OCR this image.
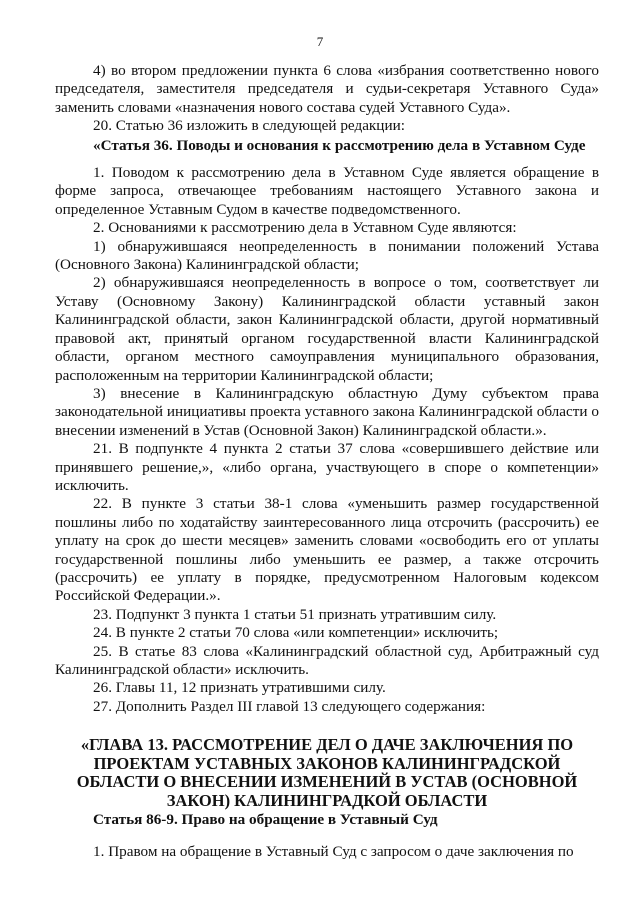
7

4) во втором предложении пункта 6 слова «избрания соответственно нового председателя, заместителя председателя и судьи-секретаря Уставного Суда» заменить словами «назначения нового состава судей Уставного Суда».

20. Статью 36 изложить в следующей редакции:

«Статья 36. Поводы и основания к рассмотрению дела в Уставном Суде

1. Поводом к рассмотрению дела в Уставном Суде является обращение в форме запроса, отвечающее требованиям настоящего Уставного закона и определенное Уставным Судом в качестве подведомственного.

2. Основаниями к рассмотрению дела в Уставном Суде являются:

1) обнаружившаяся неопределенность в понимании положений Устава (Основного Закона) Калининградской области;

2) обнаружившаяся неопределенность в вопросе о том, соответствует ли Уставу (Основному Закону) Калининградской области уставный закон Калининградской области, закон Калининградской области, другой нормативный правовой акт, принятый органом государственной власти Калининградской области, органом местного самоуправления муниципального образования, расположенным на территории Калининградской области;

3) внесение в Калининградскую областную Думу субъектом права законодательной инициативы проекта уставного закона Калининградской области о внесении изменений в Устав (Основной Закон) Калининградской области.».

21. В подпункте 4 пункта 2 статьи 37 слова «совершившего действие или принявшего решение,», «либо органа, участвующего в споре о компетенции» исключить.

22. В пункте 3 статьи 38-1 слова «уменьшить размер государственной пошлины либо по ходатайству заинтересованного лица отсрочить (рассрочить) ее уплату на срок до шести месяцев» заменить словами «освободить его от уплаты государственной пошлины либо уменьшить ее размер, а также отсрочить (рассрочить) ее уплату в порядке, предусмотренном Налоговым кодексом Российской Федерации.».

23. Подпункт 3 пункта 1 статьи 51 признать утратившим силу.

24. В пункте 2 статьи 70 слова «или компетенции» исключить;

25. В статье 83 слова «Калининградский областной суд, Арбитражный суд Калининградской области» исключить.

26. Главы 11, 12 признать утратившими силу.

27. Дополнить Раздел III главой 13 следующего содержания:

«ГЛАВА 13. РАССМОТРЕНИЕ ДЕЛ О ДАЧЕ ЗАКЛЮЧЕНИЯ ПО ПРОЕКТАМ УСТАВНЫХ ЗАКОНОВ КАЛИНИНГРАДСКОЙ ОБЛАСТИ О ВНЕСЕНИИ ИЗМЕНЕНИЙ В УСТАВ (ОСНОВНОЙ ЗАКОН) КАЛИНИНГРАДКОЙ ОБЛАСТИ

Статья 86-9. Право на обращение в Уставный Суд

1. Правом на обращение в Уставный Суд с запросом о даче заключения по
